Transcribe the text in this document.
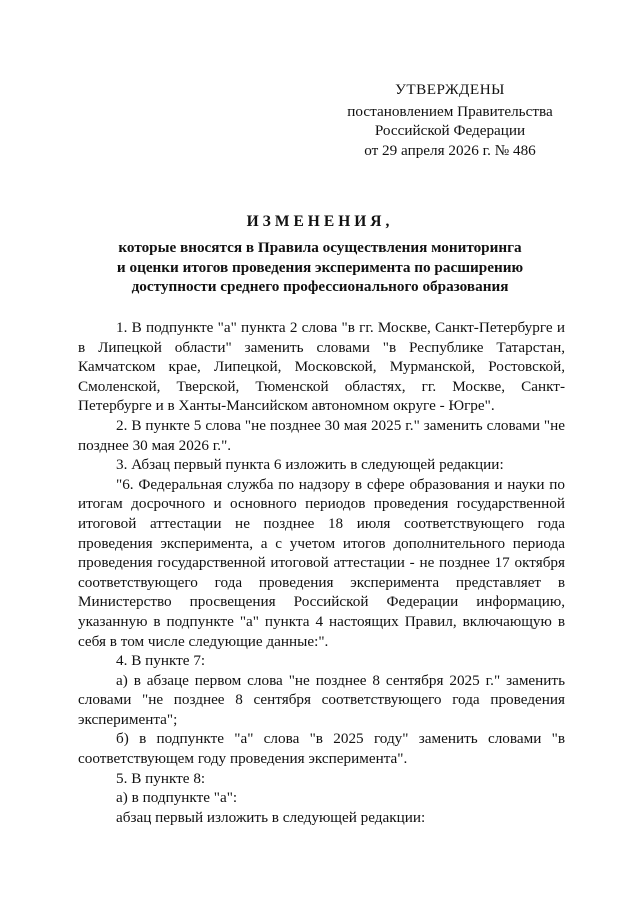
УТВЕРЖДЕНЫ
постановлением Правительства
Российской Федерации
от 29 апреля 2026 г. № 486
ИЗМЕНЕНИЯ,
которые вносятся в Правила осуществления мониторинга
и оценки итогов проведения эксперимента по расширению
доступности среднего профессионального образования

1. В подпункте "а" пункта 2 слова "в гг. Москве, Санкт-Петербурге и в Липецкой области" заменить словами "в Республике Татарстан, Камчатском крае, Липецкой, Московской, Мурманской, Ростовской, Смоленской, Тверской, Тюменской областях, гг. Москве, Санкт-Петербурге и в Ханты-Мансийском автономном округе - Югре".

2. В пункте 5 слова "не позднее 30 мая 2025 г." заменить словами "не позднее 30 мая 2026 г.".

3. Абзац первый пункта 6 изложить в следующей редакции:

"6. Федеральная служба по надзору в сфере образования и науки по итогам досрочного и основного периодов проведения государственной итоговой аттестации не позднее 18 июля соответствующего года проведения эксперимента, а с учетом итогов дополнительного периода проведения государственной итоговой аттестации - не позднее 17 октября соответствующего года проведения эксперимента представляет в Министерство просвещения Российской Федерации информацию, указанную в подпункте "а" пункта 4 настоящих Правил, включающую в себя в том числе следующие данные:".

4. В пункте 7:

а) в абзаце первом слова "не позднее 8 сентября 2025 г." заменить словами "не позднее 8 сентября соответствующего года проведения эксперимента";

б) в подпункте "а" слова "в 2025 году" заменить словами "в соответствующем году проведения эксперимента".

5. В пункте 8:

а) в подпункте "а":

абзац первый изложить в следующей редакции:
